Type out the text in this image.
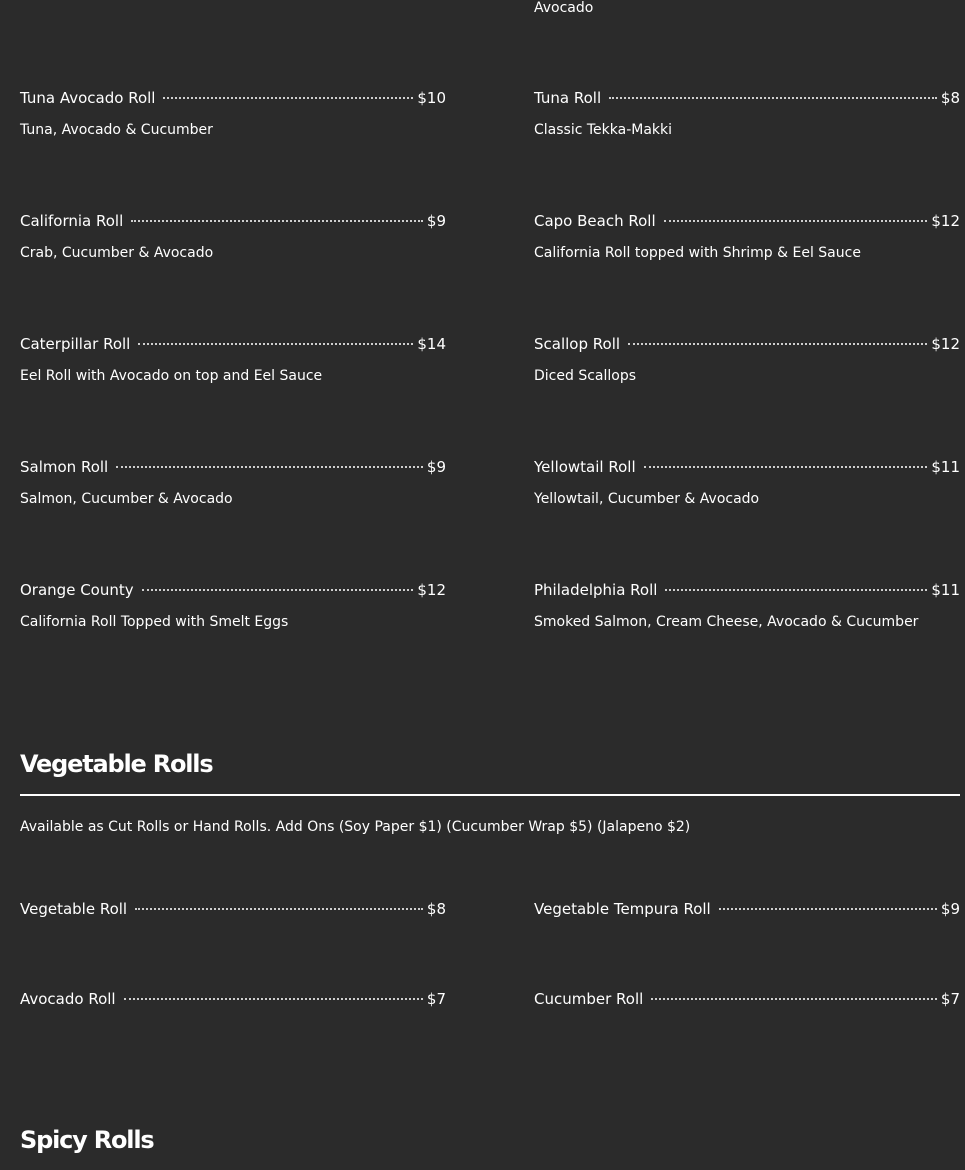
Avocado
Tuna Avocado Roll	$10
Tuna, Avocado & Cucumber
California Roll	$9
Crab, Cucumber & Avocado
Caterpillar Roll	$14
Eel Roll with Avocado on top and Eel Sauce
Salmon Roll	$9
Salmon, Cucumber & Avocado
Orange County	$12
California Roll Topped with Smelt Eggs
Tuna Roll	$8
Classic Tekka-Makki
Capo Beach Roll	$12
California Roll topped with Shrimp & Eel Sauce
Scallop Roll	$12
Diced Scallops
Yellowtail Roll	$11
Yellowtail, Cucumber & Avocado
Philadelphia Roll	$11
Smoked Salmon, Cream Cheese, Avocado & Cucumber
Vegetable Rolls
Available as Cut Rolls or Hand Rolls. Add Ons (Soy Paper $1) (Cucumber Wrap $5) (Jalapeno $2)
Vegetable Roll	$8
Avocado Roll	$7
Vegetable Tempura Roll	$9
Cucumber Roll	$7
Spicy Rolls
